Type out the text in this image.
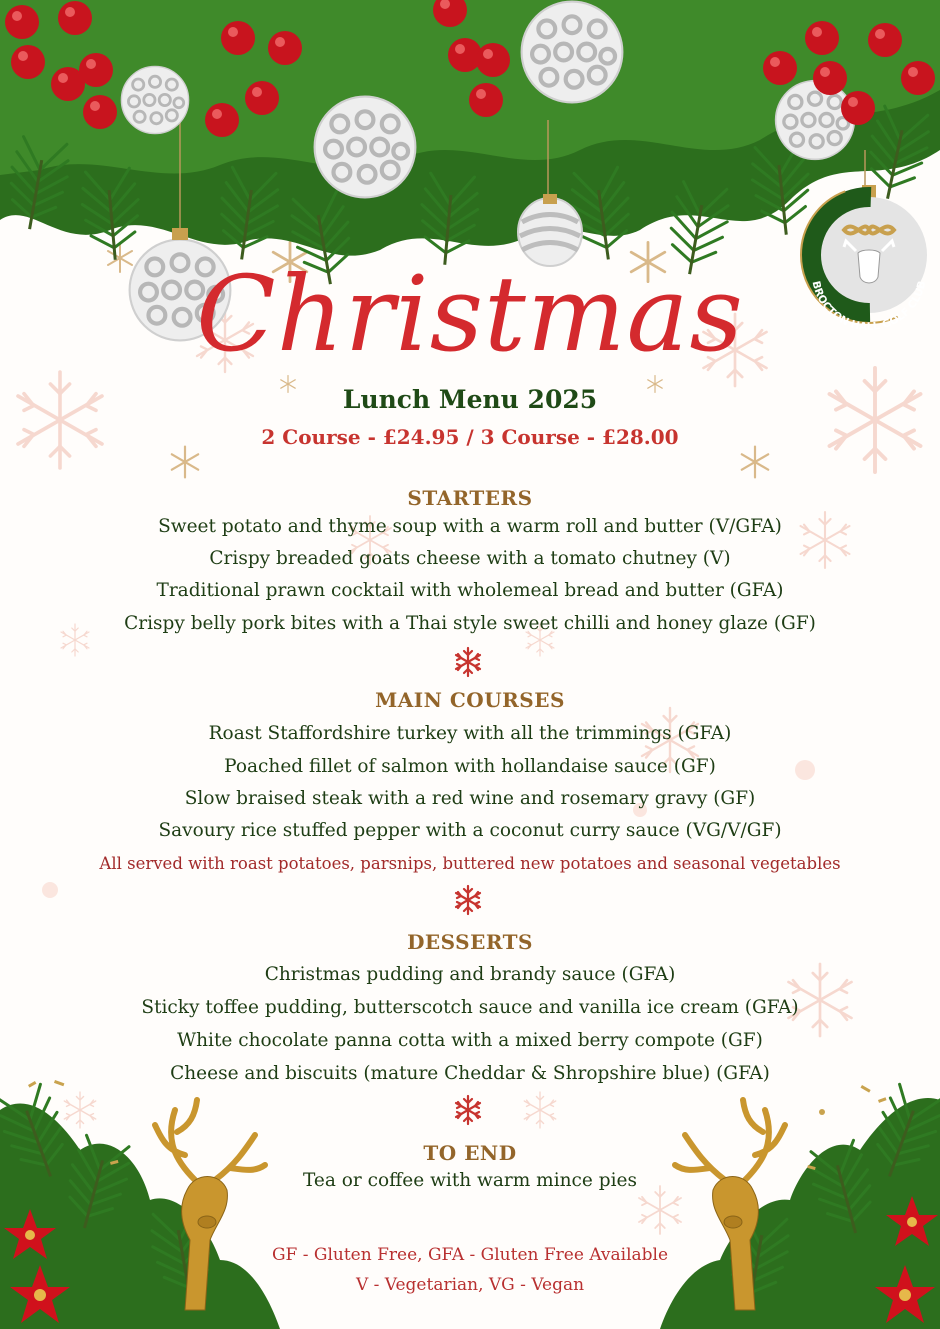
BROCTON HALL GOLF CLUB
Christmas
Lunch Menu 2025
2 Course - £24.95 / 3 Course - £28.00
STARTERS
Sweet potato and thyme soup with a warm roll and butter (V/GFA)
Crispy breaded goats cheese with a tomato chutney (V)
Traditional prawn cocktail with wholemeal bread and butter (GFA)
Crispy belly pork bites with a Thai style sweet chilli and honey glaze (GF)
MAIN COURSES
Roast Staffordshire turkey with all the trimmings (GFA)
Poached fillet of salmon with hollandaise sauce (GF)
Slow braised steak with a red wine and rosemary gravy (GF)
Savoury rice stuffed pepper with a coconut curry sauce (VG/V/GF)
All served with roast potatoes, parsnips, buttered new potatoes and seasonal vegetables
DESSERTS
Christmas pudding and brandy sauce (GFA)
Sticky toffee pudding, butterscotch sauce and vanilla ice cream (GFA)
White chocolate panna cotta with a mixed berry compote (GF)
Cheese and biscuits (mature Cheddar & Shropshire blue) (GFA)
TO END
Tea or coffee with warm mince pies
GF - Gluten Free, GFA - Gluten Free Available
V - Vegetarian, VG - Vegan
